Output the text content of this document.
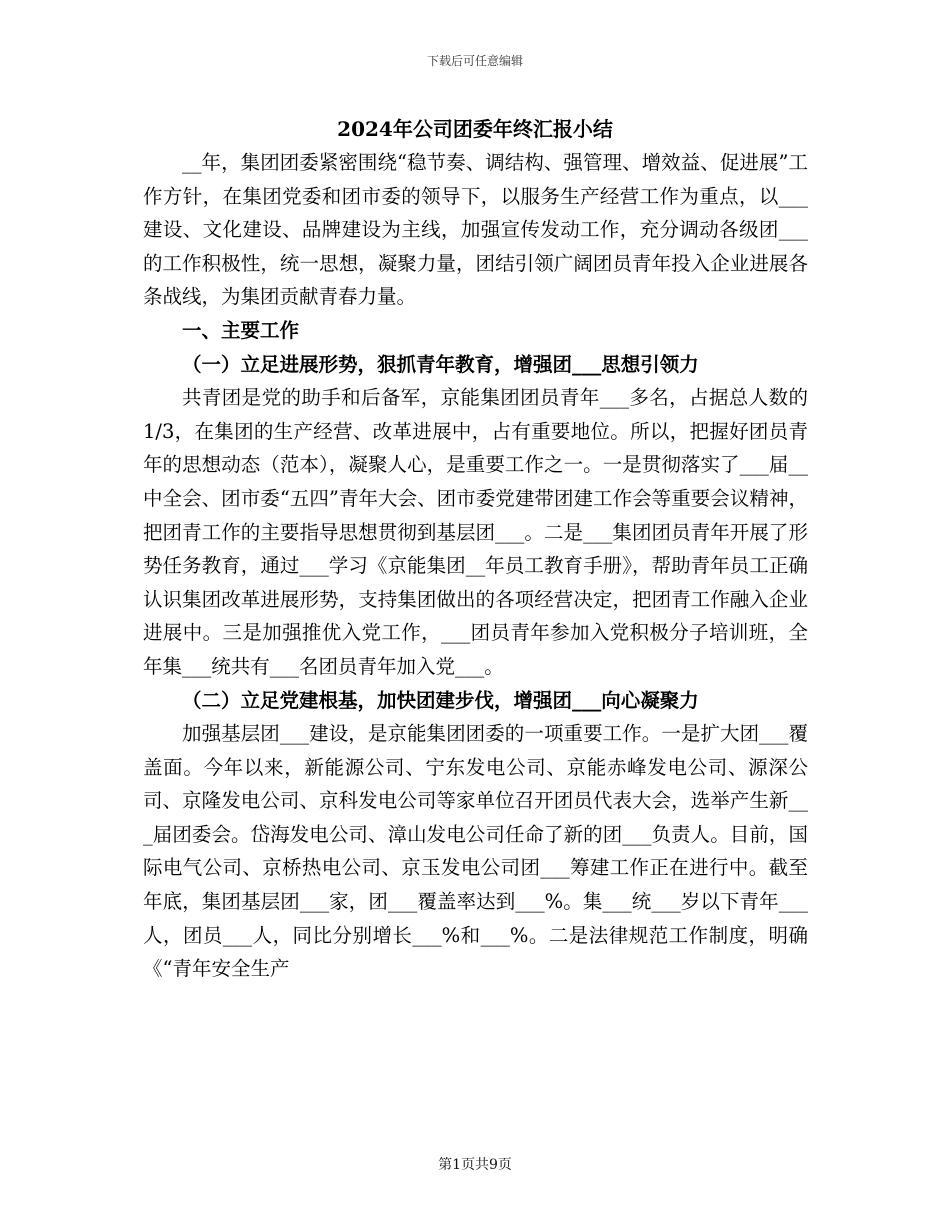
下载后可任意编辑
2024年公司团委年终汇报小结

__年，集团团委紧密围绕“稳节奏、调结构、强管理、增效益、促进展”工作方针，在集团党委和团市委的领导下，以服务生产经营工作为重点，以___建设、文化建设、品牌建设为主线，加强宣传发动工作，充分调动各级团___的工作积极性，统一思想，凝聚力量，团结引领广阔团员青年投入企业进展各条战线，为集团贡献青春力量。

一、主要工作

（一）立足进展形势，狠抓青年教育，增强团___思想引领力

共青团是党的助手和后备军，京能集团团员青年___多名，占据总人数的1/3，在集团的生产经营、改革进展中，占有重要地位。所以，把握好团员青年的思想动态（范本），凝聚人心，是重要工作之一。一是贯彻落实了___届__中全会、团市委“五四”青年大会、团市委党建带团建工作会等重要会议精神，把团青工作的主要指导思想贯彻到基层团___。二是___集团团员青年开展了形势任务教育，通过___学习《京能集团__年员工教育手册》，帮助青年员工正确认识集团改革进展形势，支持集团做出的各项经营决定，把团青工作融入企业进展中。三是加强推优入党工作，___团员青年参加入党积极分子培训班，全年集___统共有___名团员青年加入党___。

（二）立足党建根基，加快团建步伐，增强团___向心凝聚力

加强基层团___建设，是京能集团团委的一项重要工作。一是扩大团___覆盖面。今年以来，新能源公司、宁东发电公司、京能赤峰发电公司、源深公司、京隆发电公司、京科发电公司等家单位召开团员代表大会，选举产生新___届团委会。岱海发电公司、漳山发电公司任命了新的团___负责人。目前，国际电气公司、京桥热电公司、京玉发电公司团___筹建工作正在进行中。截至年底，集团基层团___家，团___覆盖率达到___%。集___统___岁以下青年___人，团员___人，同比分别增长___%和___%。二是法律规范工作制度，明确《“青年安全生产

第1页共9页
